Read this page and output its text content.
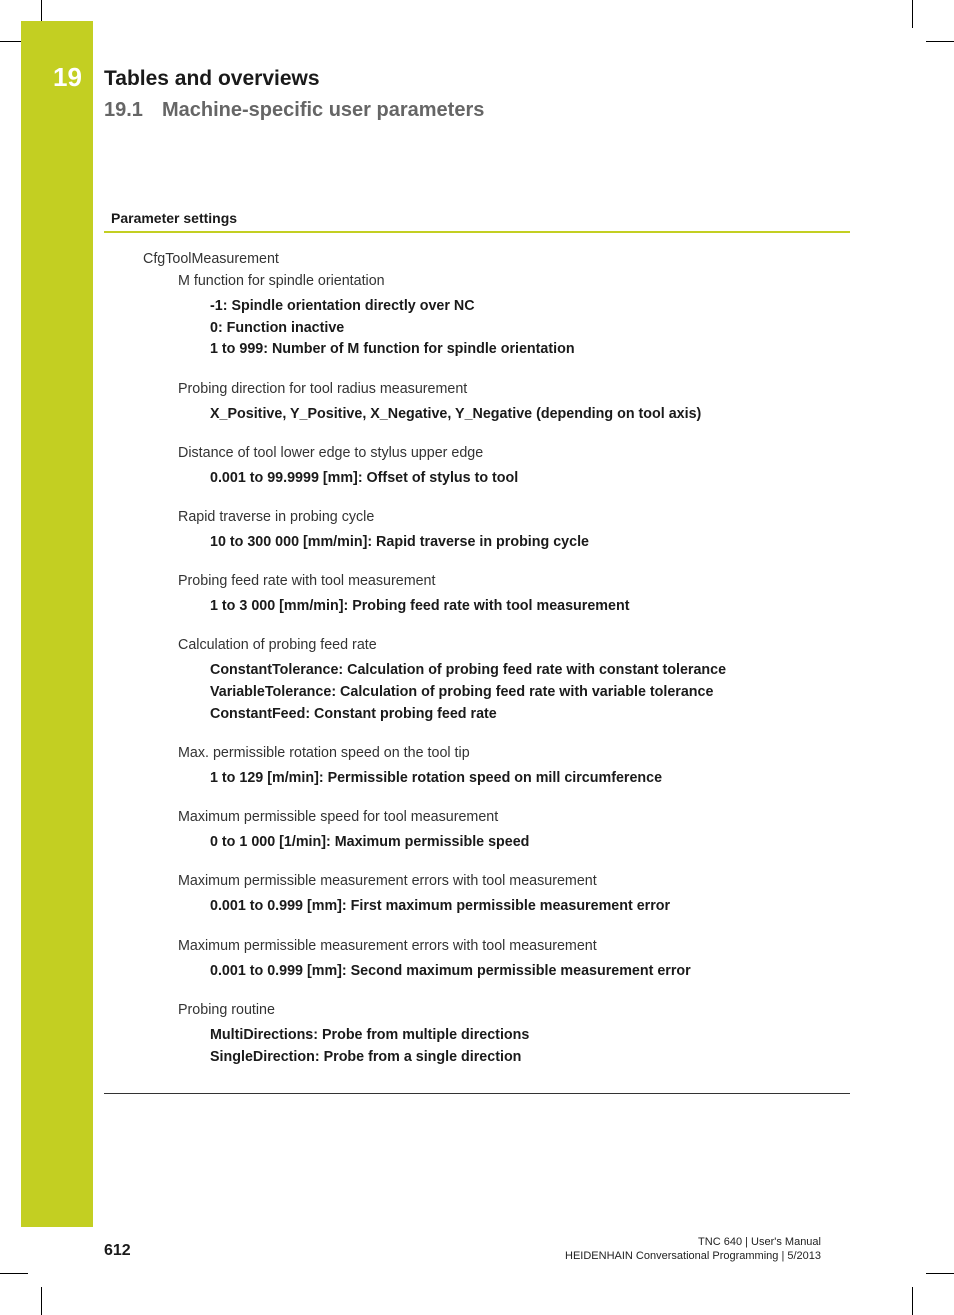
19 Tables and overviews
19.1 Machine-specific user parameters
Parameter settings
CfgToolMeasurement
M function for spindle orientation
-1: Spindle orientation directly over NC
0: Function inactive
1 to 999: Number of M function for spindle orientation
Probing direction for tool radius measurement
X_Positive, Y_Positive, X_Negative, Y_Negative (depending on tool axis)
Distance of tool lower edge to stylus upper edge
0.001 to 99.9999 [mm]: Offset of stylus to tool
Rapid traverse in probing cycle
10 to 300 000 [mm/min]: Rapid traverse in probing cycle
Probing feed rate with tool measurement
1 to 3 000 [mm/min]: Probing feed rate with tool measurement
Calculation of probing feed rate
ConstantTolerance: Calculation of probing feed rate with constant tolerance
VariableTolerance: Calculation of probing feed rate with variable tolerance
ConstantFeed: Constant probing feed rate
Max. permissible rotation speed on the tool tip
1 to 129 [m/min]: Permissible rotation speed on mill circumference
Maximum permissible speed for tool measurement
0 to 1 000 [1/min]: Maximum permissible speed
Maximum permissible measurement errors with tool measurement
0.001 to 0.999 [mm]: First maximum permissible measurement error
Maximum permissible measurement errors with tool measurement
0.001 to 0.999 [mm]: Second maximum permissible measurement error
Probing routine
MultiDirections: Probe from multiple directions
SingleDirection: Probe from a single direction
612	TNC 640 | User's Manual
HEIDENHAIN Conversational Programming | 5/2013
